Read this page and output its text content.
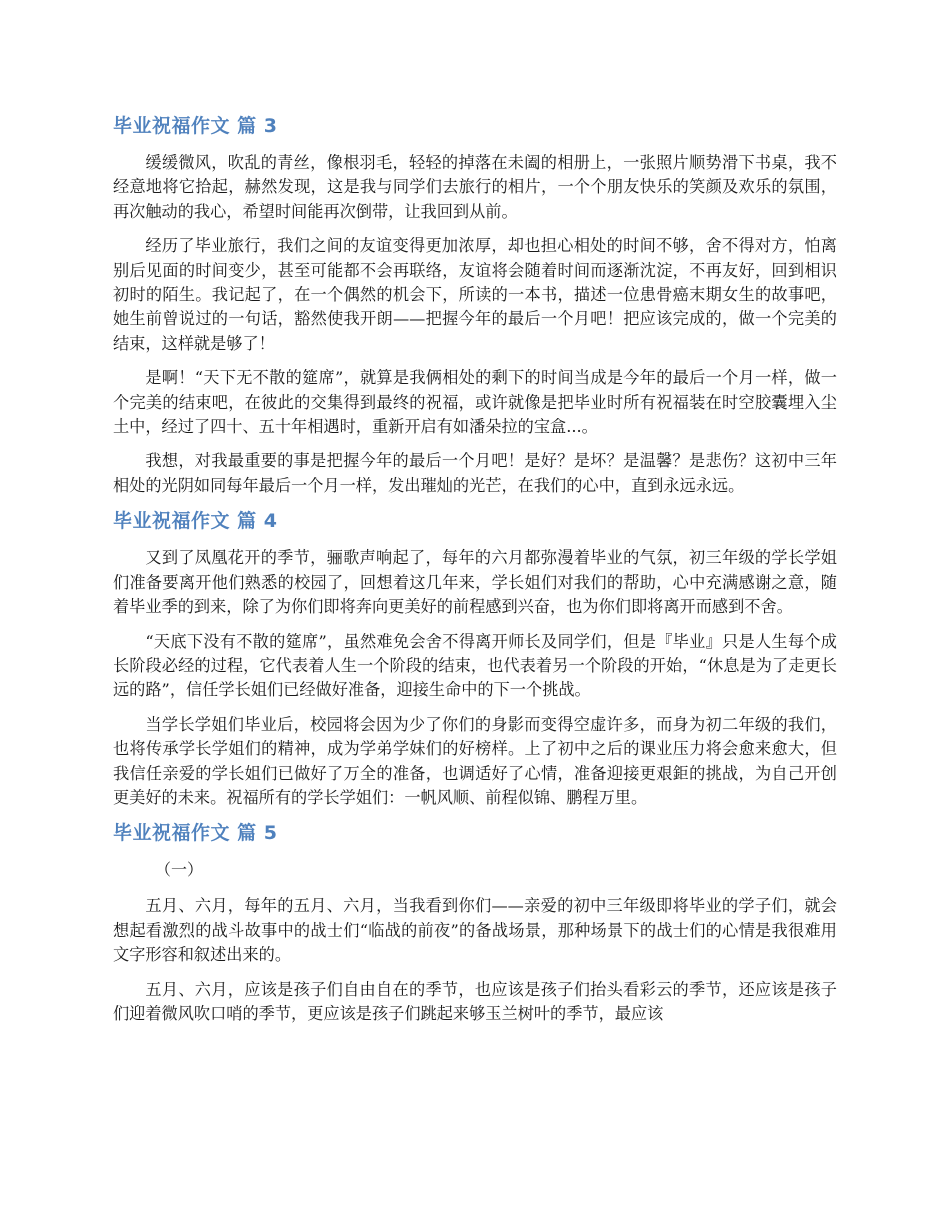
毕业祝福作文 篇 3

缓缓微风，吹乱的青丝，像根羽毛，轻轻的掉落在未阖的相册上，一张照片顺势滑下书桌，我不经意地将它拾起，赫然发现，这是我与同学们去旅行的相片，一个个朋友快乐的笑颜及欢乐的氛围，再次触动的我心，希望时间能再次倒带，让我回到从前。

经历了毕业旅行，我们之间的友谊变得更加浓厚，却也担心相处的时间不够，舍不得对方，怕离别后见面的时间变少，甚至可能都不会再联络，友谊将会随着时间而逐渐沈淀，不再友好，回到相识初时的陌生。我记起了，在一个偶然的机会下，所读的一本书，描述一位患骨癌末期女生的故事吧，她生前曾说过的一句话，豁然使我开朗——把握今年的最后一个月吧！把应该完成的，做一个完美的结束，这样就是够了！

是啊！“天下无不散的筵席”，就算是我俩相处的剩下的时间当成是今年的最后一个月一样，做一个完美的结束吧，在彼此的交集得到最终的祝福，或许就像是把毕业时所有祝福装在时空胶囊埋入尘土中，经过了四十、五十年相遇时，重新开启有如潘朵拉的宝盒...。

我想，对我最重要的事是把握今年的最后一个月吧！是好？是坏？是温馨？是悲伤？这初中三年相处的光阴如同每年最后一个月一样，发出璀灿的光芒，在我们的心中，直到永远永远。

毕业祝福作文 篇 4

又到了凤凰花开的季节，骊歌声响起了，每年的六月都弥漫着毕业的气氛，初三年级的学长学姐们准备要离开他们熟悉的校园了，回想着这几年来，学长姐们对我们的帮助，心中充满感谢之意，随着毕业季的到来，除了为你们即将奔向更美好的前程感到兴奋，也为你们即将离开而感到不舍。

“天底下没有不散的筵席”，虽然难免会舍不得离开师长及同学们，但是『毕业』只是人生每个成长阶段必经的过程，它代表着人生一个阶段的结束，也代表着另一个阶段的开始，“休息是为了走更长远的路”，信任学长姐们已经做好准备，迎接生命中的下一个挑战。

当学长学姐们毕业后，校园将会因为少了你们的身影而变得空虚许多，而身为初二年级的我们，也将传承学长学姐们的精神，成为学弟学妹们的好榜样。上了初中之后的课业压力将会愈来愈大，但我信任亲爱的学长姐们已做好了万全的准备，也调适好了心情，准备迎接更艰鉅的挑战，为自己开创更美好的未来。祝福所有的学长学姐们：一帆风顺、前程似锦、鹏程万里。

毕业祝福作文 篇 5

（一）

五月、六月，每年的五月、六月，当我看到你们——亲爱的初中三年级即将毕业的学子们，就会想起看激烈的战斗故事中的战士们“临战的前夜”的备战场景，那种场景下的战士们的心情是我很难用文字形容和叙述出来的。

五月、六月，应该是孩子们自由自在的季节，也应该是孩子们抬头看彩云的季节，还应该是孩子们迎着微风吹口哨的季节，更应该是孩子们跳起来够玉兰树叶的季节，最应该
